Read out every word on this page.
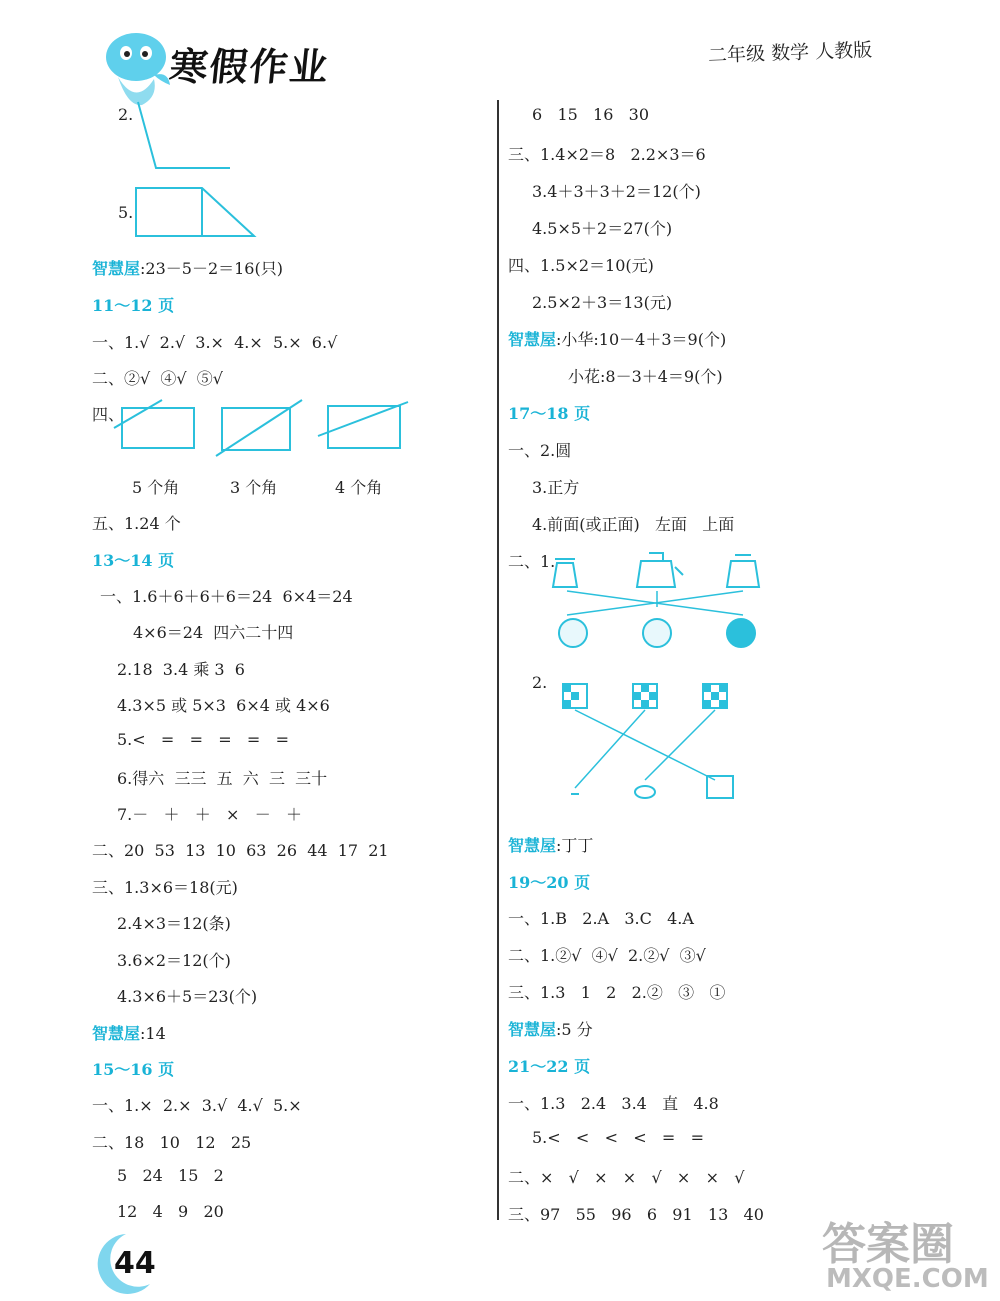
寒假作业	二年级 数学 人教版
2.
5.
智慧屋:23－5－2＝16(只)
11～12 页
一、1.√  2.√  3.×  4.×  5.×  6.√
二、②√  ④√  ⑤√
四、
5 个角	3 个角	4 个角
五、1.24 个
13～14 页
一、1.6＋6＋6＋6＝24  6×4＝24
4×6＝24  四六二十四
2.18  3.4 乘 3  6
4.3×5 或 5×3  6×4 或 4×6
5.<   =   =   =   =   =
6.得六  三三  五  六  三  三十
7.－   ＋   ＋   ×   －   ＋
二、20  53  13  10  63  26  44  17  21
三、1.3×6＝18(元)
2.4×3＝12(条)
3.6×2＝12(个)
4.3×6＋5＝23(个)
智慧屋:14
15～16 页
一、1.×  2.×  3.√  4.√  5.×
二、18   10   12   25
5   24   15   2
12   4   9   20
6   15   16   30
三、1.4×2＝8   2.2×3＝6
3.4＋3＋3＋2＝12(个)
4.5×5＋2＝27(个)
四、1.5×2＝10(元)
2.5×2＋3＝13(元)
智慧屋:小华:10－4＋3＝9(个)
小花:8－3＋4＝9(个)
17～18 页
一、2.圆
3.正方
4.前面(或正面)   左面   上面
二、1.
2.
智慧屋:丁丁
19～20 页
一、1.B   2.A   3.C   4.A
二、1.②√  ④√  2.②√  ③√
三、1.3   1   2   2.②   ③   ①
智慧屋:5 分
21～22 页
一、1.3   2.4   3.4   直   4.8
5.<   <   <   <   =   =
二、×   √   ×   ×   √   ×   ×   √
三、97   55   96   6   91   13   40
44	答案圈
MXQE.COM
